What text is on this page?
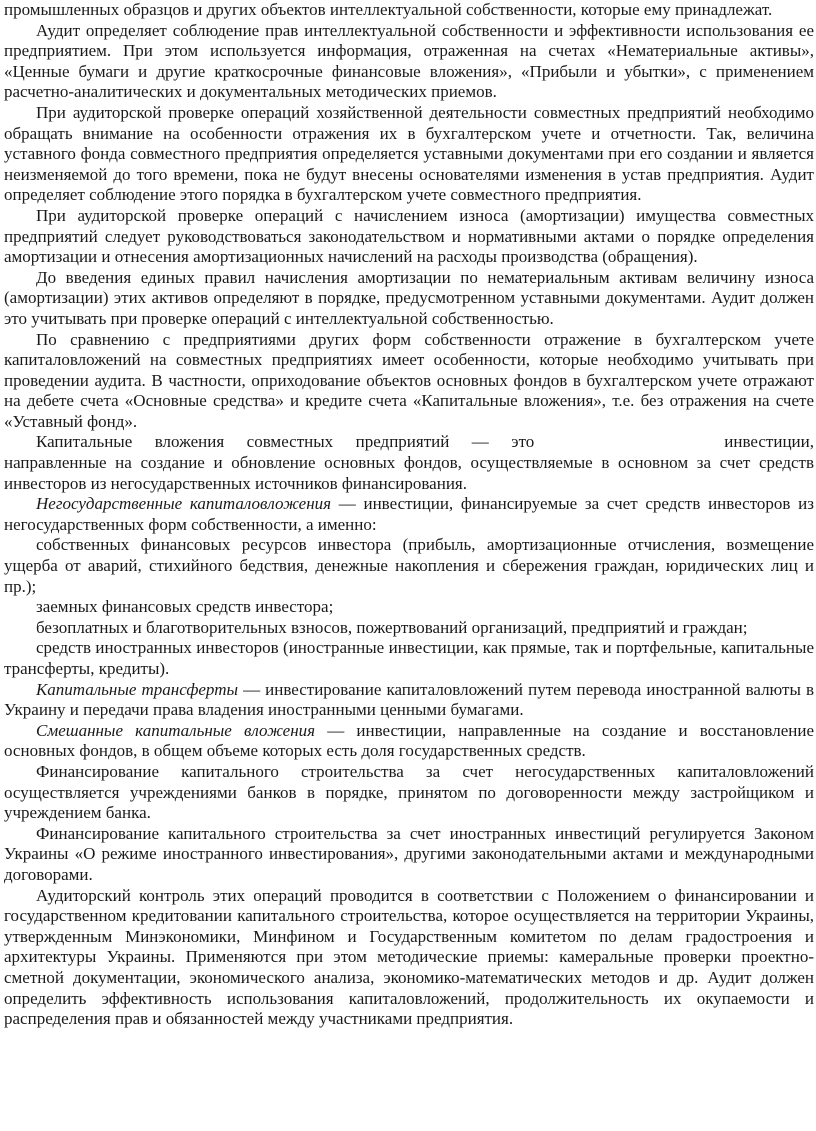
промышленных образцов и других объектов интеллектуальной собственности, которые ему принадлежат.

Аудит определяет соблюдение прав интеллектуальной собственности и эффективности использования ее предприятием. При этом используется информация, отраженная на счетах «Нематериальные активы», «Ценные бумаги и другие краткосрочные финансовые вложения», «Прибыли и убытки», с применением расчетно-аналитических и документальных методических приемов.

При аудиторской проверке операций хозяйственной деятельности совместных предприятий необходимо обращать внимание на особенности отражения их в бухгалтерском учете и отчетности. Так, величина уставного фонда совместного предприятия определяется уставными документами при его создании и является неизменяемой до того времени, пока не будут внесены основателями изменения в устав предприятия. Аудит определяет соблюдение этого порядка в бухгалтерском учете совместного предприятия.

При аудиторской проверке операций с начислением износа (амортизации) имущества совместных предприятий следует руководствоваться законодательством и нормативными актами о порядке определения амортизации и отнесения амортизационных начислений на расходы производства (обращения).

До введения единых правил начисления амортизации по нематериальным активам величину износа (амортизации) этих активов определяют в порядке, предусмотренном уставными документами. Аудит должен это учитывать при проверке операций с интеллектуальной собственностью.

По сравнению с предприятиями других форм собственности отражение в бухгалтерском учете капиталовложений на совместных предприятиях имеет особенности, которые необходимо учитывать при проведении аудита. В частности, оприходование объектов основных фондов в бухгалтерском учете отражают на дебете счета «Основные средства» и кредите счета «Капитальные вложения», т.е. без отражения на счете «Уставный фонд».

Капитальные вложения совместных предприятий — это	инвестиции, направленные на создание и обновление основных фондов, осуществляемые в основном за счет средств инвесторов из негосударственных источников финансирования.

Негосударственные капиталовложения — инвестиции, финансируемые за счет средств инвесторов из негосударственных форм собственности, а именно:

собственных финансовых ресурсов инвестора (прибыль, амортизационные отчисления, возмещение ущерба от аварий, стихийного бедствия, денежные накопления и сбережения граждан, юридических лиц и пр.);

заемных финансовых средств инвестора;

безоплатных и благотворительных взносов, пожертвований организаций, предприятий и граждан;

средств иностранных инвесторов (иностранные инвестиции, как прямые, так и портфельные, капитальные трансферты, кредиты).

Капитальные трансферты — инвестирование капиталовложений путем перевода иностранной валюты в Украину и передачи права владения иностранными ценными бумагами.

Смешанные капитальные вложения — инвестиции, направленные на создание и восстановление основных фондов, в общем объеме которых есть доля государственных средств.

Финансирование капитального строительства за счет негосударственных капиталовложений осуществляется учреждениями банков в порядке, принятом по договоренности между застройщиком и учреждением банка.

Финансирование капитального строительства за счет иностранных инвестиций регулируется Законом Украины «О режиме иностранного инвестирования», другими законодательными актами и международными договорами.

Аудиторский контроль этих операций проводится в соответствии с Положением о финансировании и государственном кредитовании капитального строительства, которое осуществляется на территории Украины, утвержденным Минэкономики, Минфином и Государственным комитетом по делам градостроения и архитектуры Украины. Применяются при этом методические приемы: камеральные проверки проектно-сметной документации, экономического анализа, экономико-математических методов и др. Аудит должен определить эффективность использования капиталовложений, продолжительность их окупаемости и распределения прав и обязанностей между участниками предприятия.
